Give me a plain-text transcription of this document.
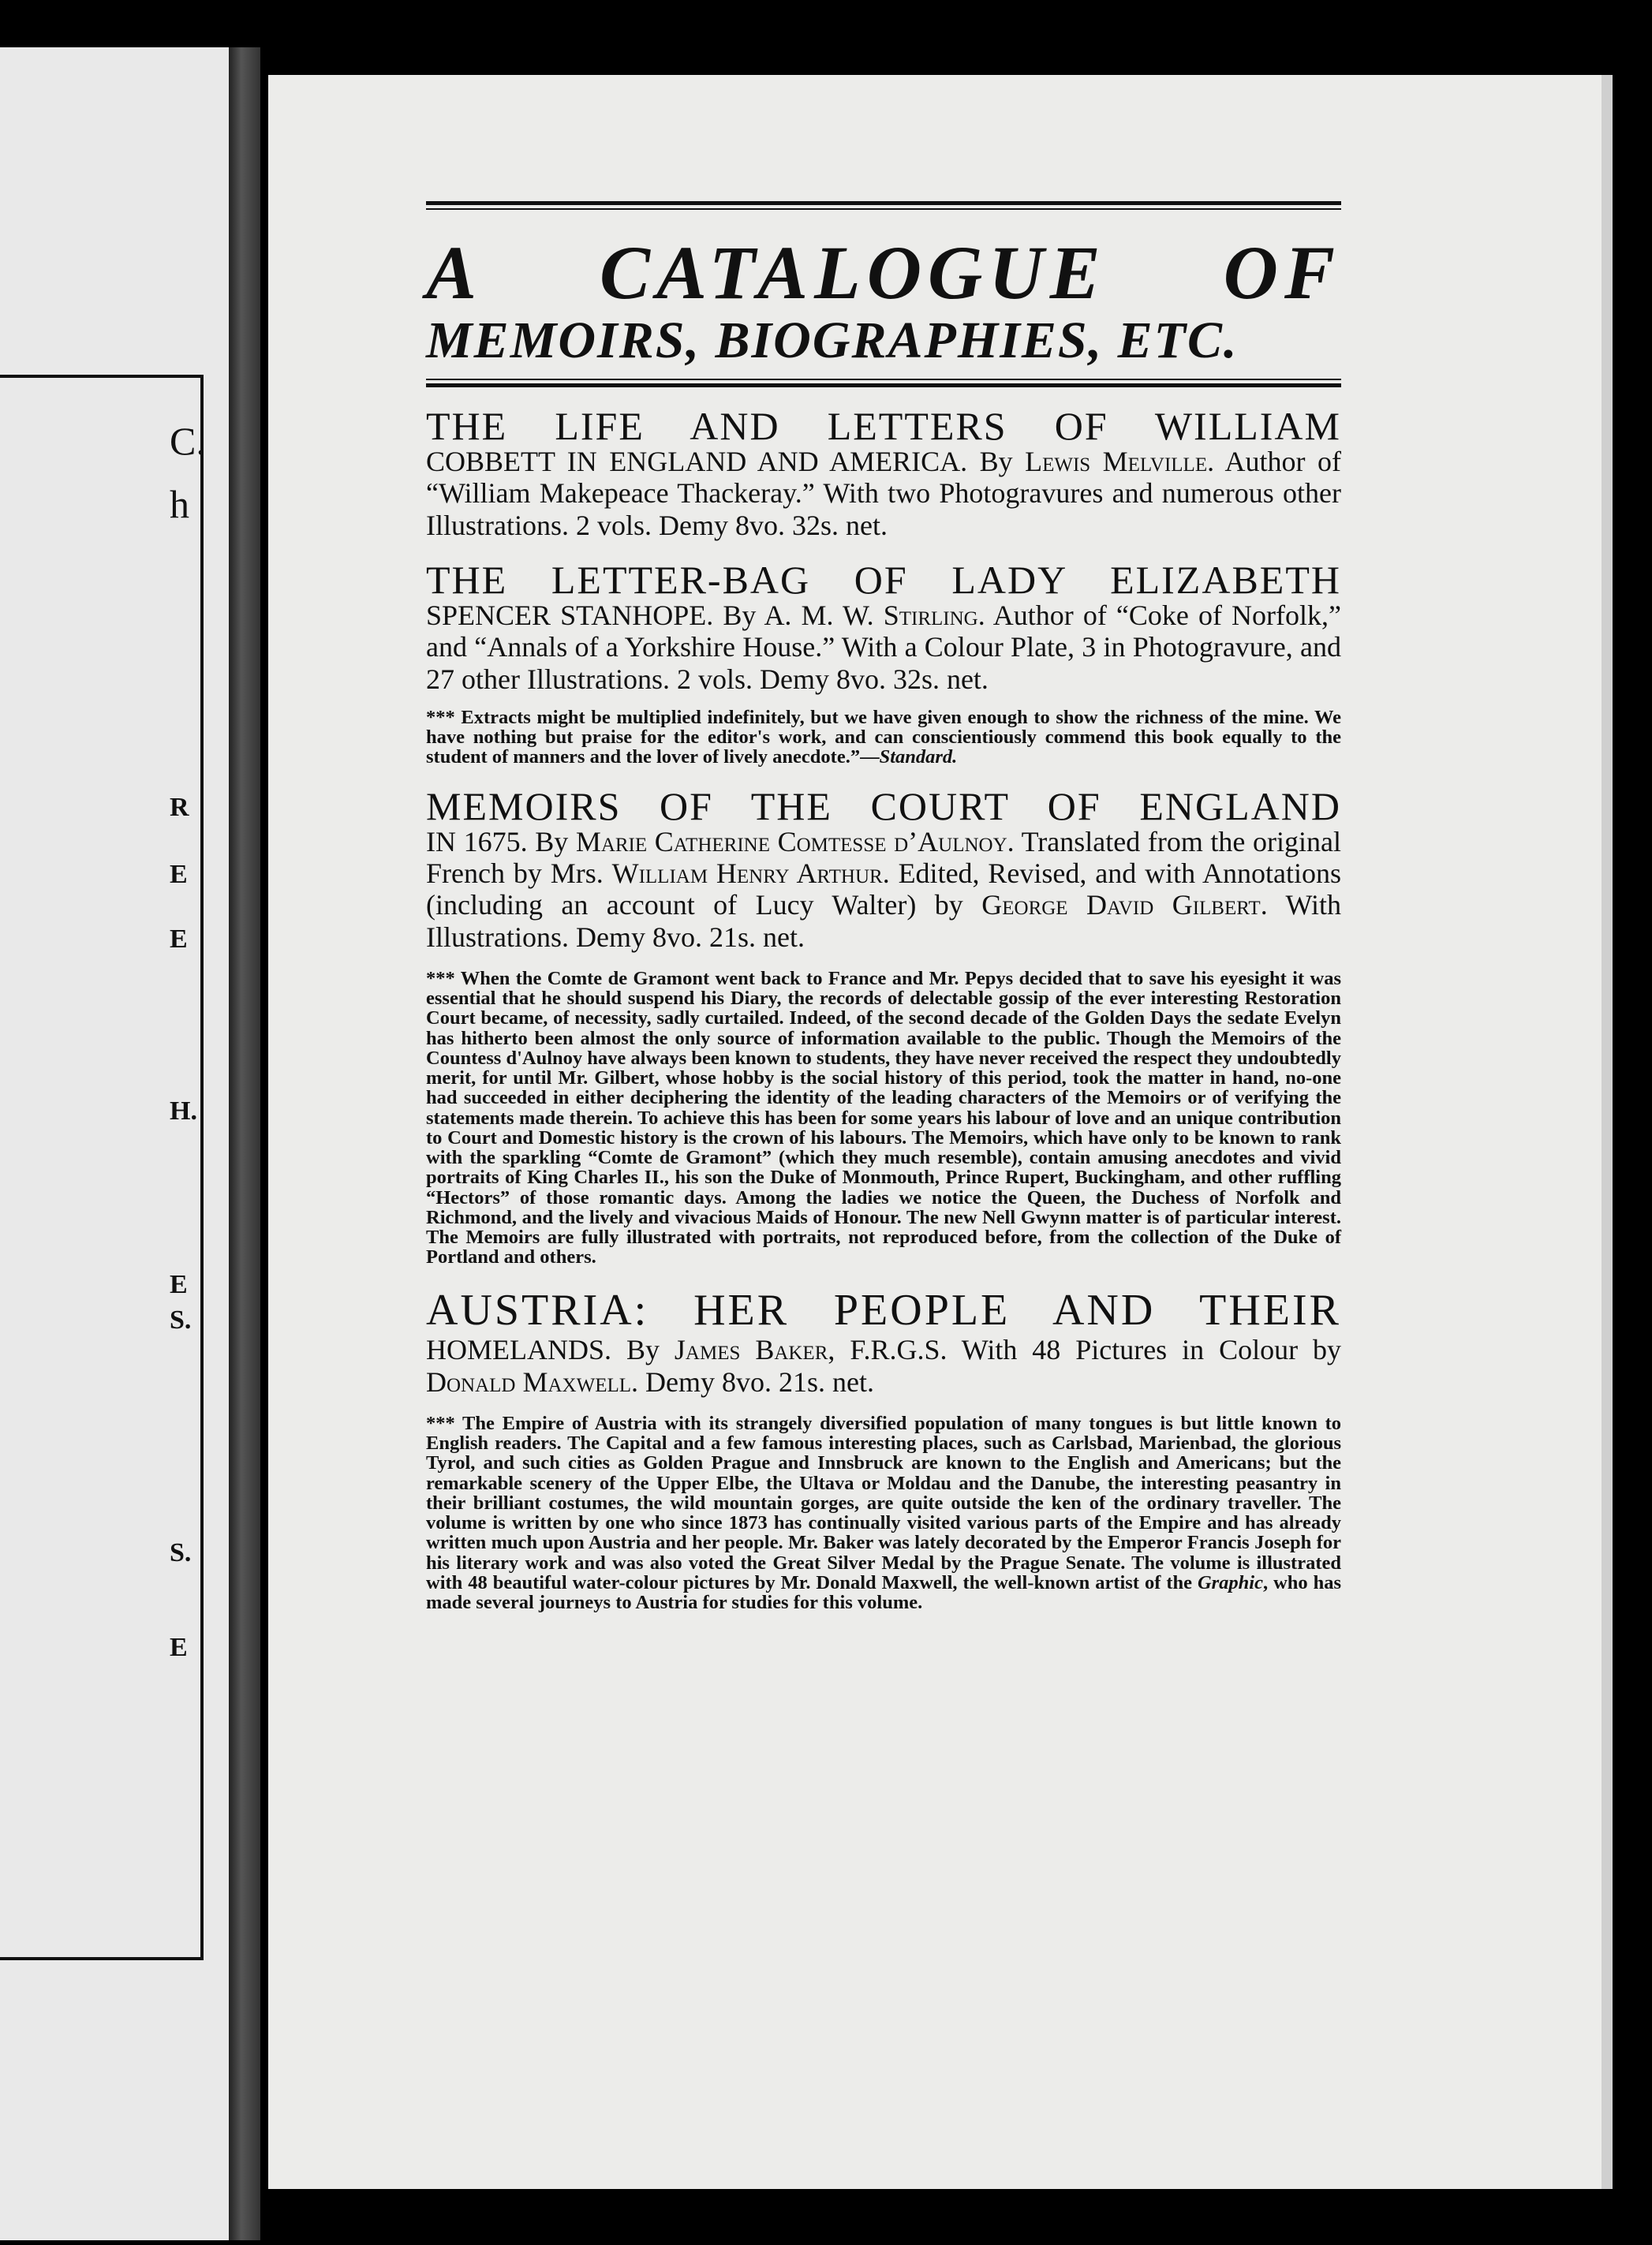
C.
h
R
E
E
H.
E
S.
S.
E
A CATALOGUE OF
MEMOIRS, BIOGRAPHIES, ETC.
THE LIFE AND LETTERS OF WILLIAM

COBBETT IN ENGLAND AND AMERICA. By Lewis Melville. Author of “William Makepeace Thackeray.” With two Photogravures and numerous other Illustrations. 2 vols. Demy 8vo. 32s. net.

THE LETTER-BAG OF LADY ELIZABETH

SPENCER STANHOPE. By A. M. W. Stirling. Author of “Coke of Norfolk,” and “Annals of a Yorkshire House.” With a Colour Plate, 3 in Photogravure, and 27 other Illustrations. 2 vols. Demy 8vo. 32s. net.

*** Extracts might be multiplied indefinitely, but we have given enough to show the richness of the mine. We have nothing but praise for the editor's work, and can conscientiously commend this book equally to the student of manners and the lover of lively anecdote.”—Standard.

MEMOIRS OF THE COURT OF ENGLAND

IN 1675. By Marie Catherine Comtesse d’Aulnoy. Translated from the original French by Mrs. William Henry Arthur. Edited, Revised, and with Annotations (including an account of Lucy Walter) by George David Gilbert. With Illustrations. Demy 8vo. 21s. net.

*** When the Comte de Gramont went back to France and Mr. Pepys decided that to save his eyesight it was essential that he should suspend his Diary, the records of delectable gossip of the ever interesting Restoration Court became, of necessity, sadly curtailed. Indeed, of the second decade of the Golden Days the sedate Evelyn has hitherto been almost the only source of information available to the public. Though the Memoirs of the Countess d'Aulnoy have always been known to students, they have never received the respect they undoubtedly merit, for until Mr. Gilbert, whose hobby is the social history of this period, took the matter in hand, no-one had succeeded in either deciphering the identity of the leading characters of the Memoirs or of verifying the statements made therein. To achieve this has been for some years his labour of love and an unique contribution to Court and Domestic history is the crown of his labours. The Memoirs, which have only to be known to rank with the sparkling “Comte de Gramont” (which they much resemble), contain amusing anecdotes and vivid portraits of King Charles II., his son the Duke of Monmouth, Prince Rupert, Buckingham, and other ruffling “Hectors” of those romantic days. Among the ladies we notice the Queen, the Duchess of Norfolk and Richmond, and the lively and vivacious Maids of Honour. The new Nell Gwynn matter is of particular interest. The Memoirs are fully illustrated with portraits, not reproduced before, from the collection of the Duke of Portland and others.

AUSTRIA: HER PEOPLE AND THEIR

HOMELANDS. By James Baker, F.R.G.S. With 48 Pictures in Colour by Donald Maxwell. Demy 8vo. 21s. net.

*** The Empire of Austria with its strangely diversified population of many tongues is but little known to English readers. The Capital and a few famous interesting places, such as Carlsbad, Marienbad, the glorious Tyrol, and such cities as Golden Prague and Innsbruck are known to the English and Americans; but the remarkable scenery of the Upper Elbe, the Ultava or Moldau and the Danube, the interesting peasantry in their brilliant costumes, the wild mountain gorges, are quite outside the ken of the ordinary traveller. The volume is written by one who since 1873 has continually visited various parts of the Empire and has already written much upon Austria and her people. Mr. Baker was lately decorated by the Emperor Francis Joseph for his literary work and was also voted the Great Silver Medal by the Prague Senate. The volume is illustrated with 48 beautiful water-colour pictures by Mr. Donald Maxwell, the well-known artist of the Graphic, who has made several journeys to Austria for studies for this volume.
